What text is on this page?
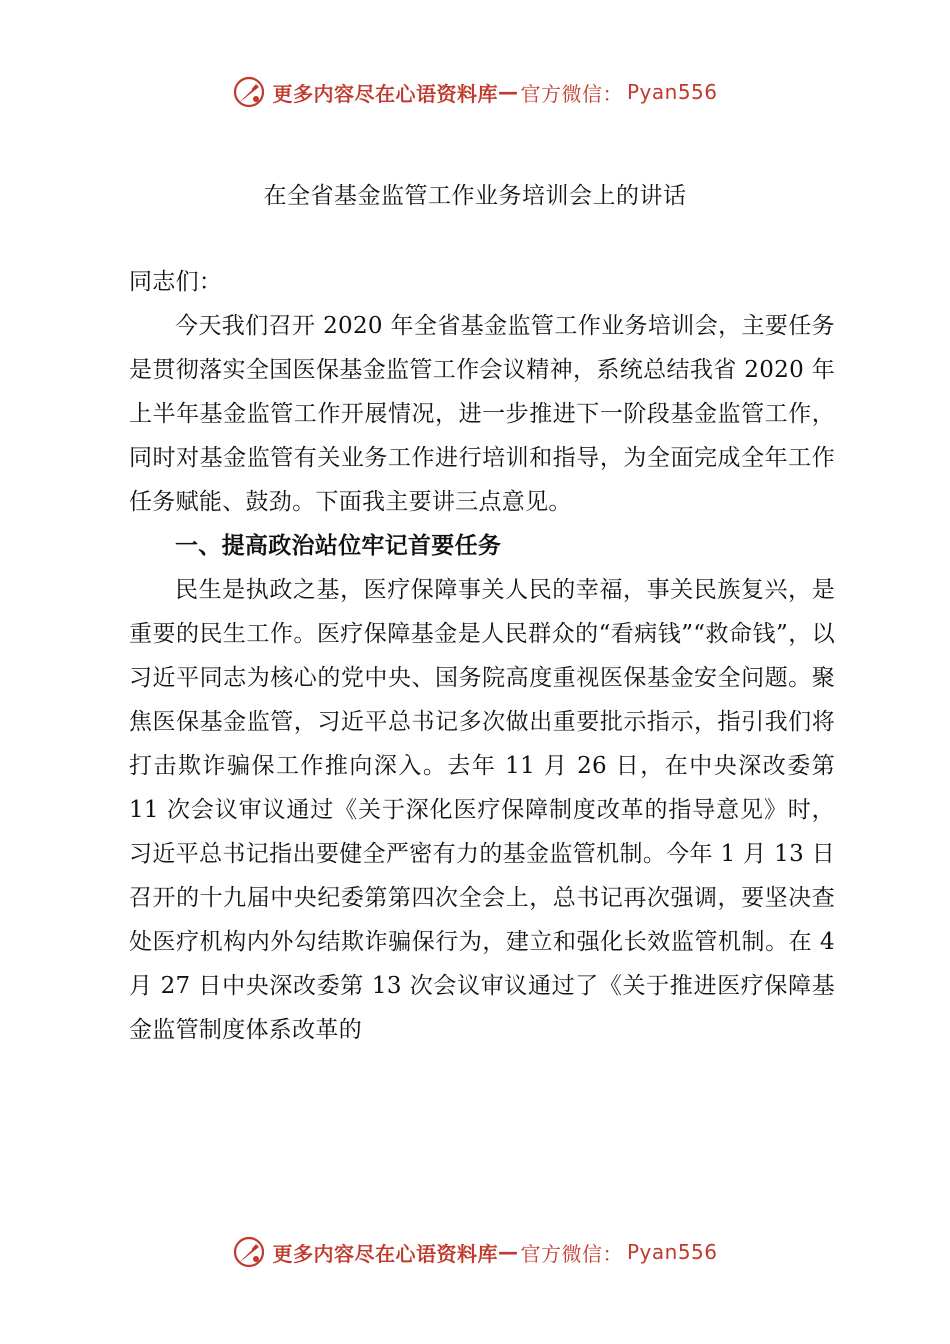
更多内容尽在心语资料库 — 官方微信： Pyan556
在全省基金监管工作业务培训会上的讲话

同志们：

今天我们召开 2020 年全省基金监管工作业务培训会，主要任务是贯彻落实全国医保基金监管工作会议精神，系统总结我省 2020 年上半年基金监管工作开展情况，进一步推进下一阶段基金监管工作，同时对基金监管有关业务工作进行培训和指导，为全面完成全年工作任务赋能、鼓劲。下面我主要讲三点意见。

一、提高政治站位牢记首要任务

民生是执政之基，医疗保障事关人民的幸福，事关民族复兴，是重要的民生工作。医疗保障基金是人民群众的“看病钱”“救命钱”，以习近平同志为核心的党中央、国务院高度重视医保基金安全问题。聚焦医保基金监管，习近平总书记多次做出重要批示指示，指引我们将打击欺诈骗保工作推向深入。去年 11 月 26 日，在中央深改委第 11 次会议审议通过《关于深化医疗保障制度改革的指导意见》时，习近平总书记指出要健全严密有力的基金监管机制。今年 1 月 13 日召开的十九届中央纪委第第四次全会上，总书记再次强调，要坚决查处医疗机构内外勾结欺诈骗保行为，建立和强化长效监管机制。在 4 月 27 日中央深改委第 13 次会议审议通过了《关于推进医疗保障基金监管制度体系改革的

更多内容尽在心语资料库 — 官方微信： Pyan556
